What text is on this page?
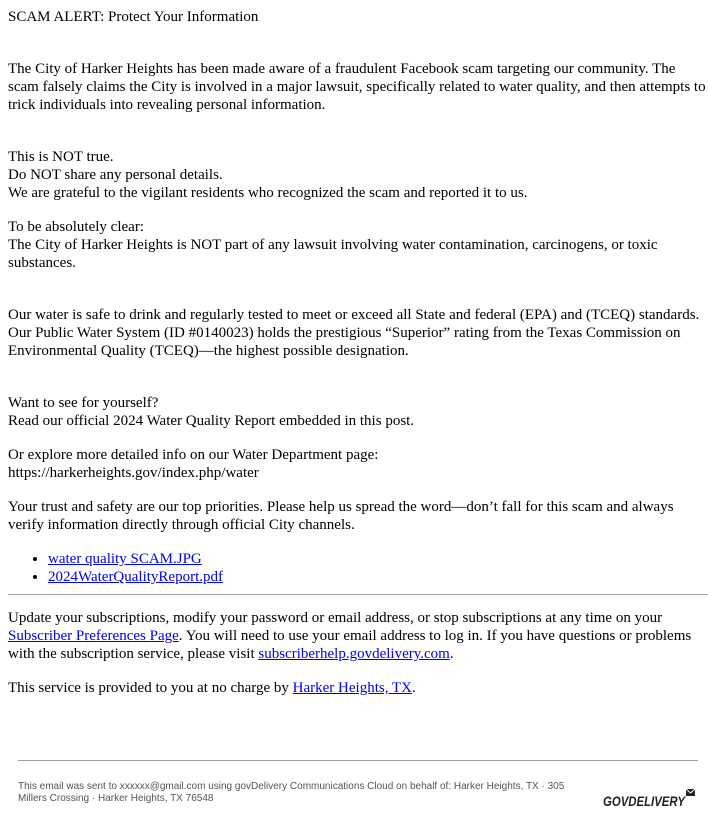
SCAM ALERT: Protect Your Information

The City of Harker Heights has been made aware of a fraudulent Facebook scam targeting our community. The scam falsely claims the City is involved in a major lawsuit, specifically related to water quality, and then attempts to trick individuals into revealing personal information.

This is NOT true.
Do NOT share any personal details.
We are grateful to the vigilant residents who recognized the scam and reported it to us.

To be absolutely clear:
The City of Harker Heights is NOT part of any lawsuit involving water contamination, carcinogens, or toxic substances.

Our water is safe to drink and regularly tested to meet or exceed all State and federal (EPA) and (TCEQ) standards.
Our Public Water System (ID #0140023) holds the prestigious “Superior” rating from the Texas Commission on Environmental Quality (TCEQ)—the highest possible designation.

Want to see for yourself?
Read our official 2024 Water Quality Report embedded in this post.

Or explore more detailed info on our Water Department page:
https://harkerheights.gov/index.php/water

Your trust and safety are our top priorities. Please help us spread the word—don’t fall for this scam and always verify information directly through official City channels.

• water quality SCAM.JPG
• 2024WaterQualityReport.pdf

Update your subscriptions, modify your password or email address, or stop subscriptions at any time on your Subscriber Preferences Page. You will need to use your email address to log in. If you have questions or problems with the subscription service, please visit subscriberhelp.govdelivery.com.

This service is provided to you at no charge by Harker Heights, TX.

This email was sent to xxxxxx@gmail.com using govDelivery Communications Cloud on behalf of: Harker Heights, TX · 305 Millers Crossing · Harker Heights, TX 76548	GOVDELIVERY
